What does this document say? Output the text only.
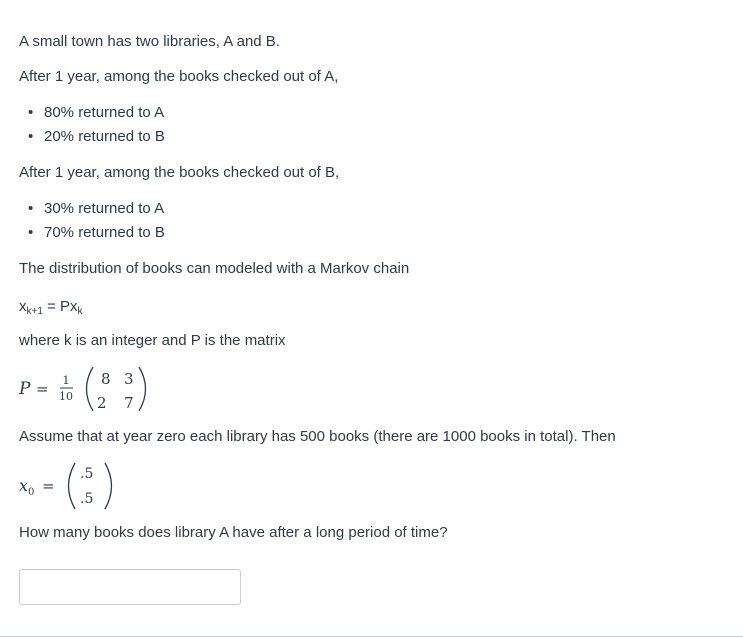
A small town has two libraries, A and B.
After 1 year, among the books checked out of A,
• 80% returned to A
• 20% returned to B
After 1 year, among the books checked out of B,
• 30% returned to A
• 70% returned to B
The distribution of books can modeled with a Markov chain
$x_{k+1} = Px_k$
where k is an integer and P is the matrix
P = 1
10
8 3
2 7
Assume that at year zero each library has 500 books (there are 1000 books in total). Then
x 0 =
.5
.5
How many books does library A have after a long period of time?
